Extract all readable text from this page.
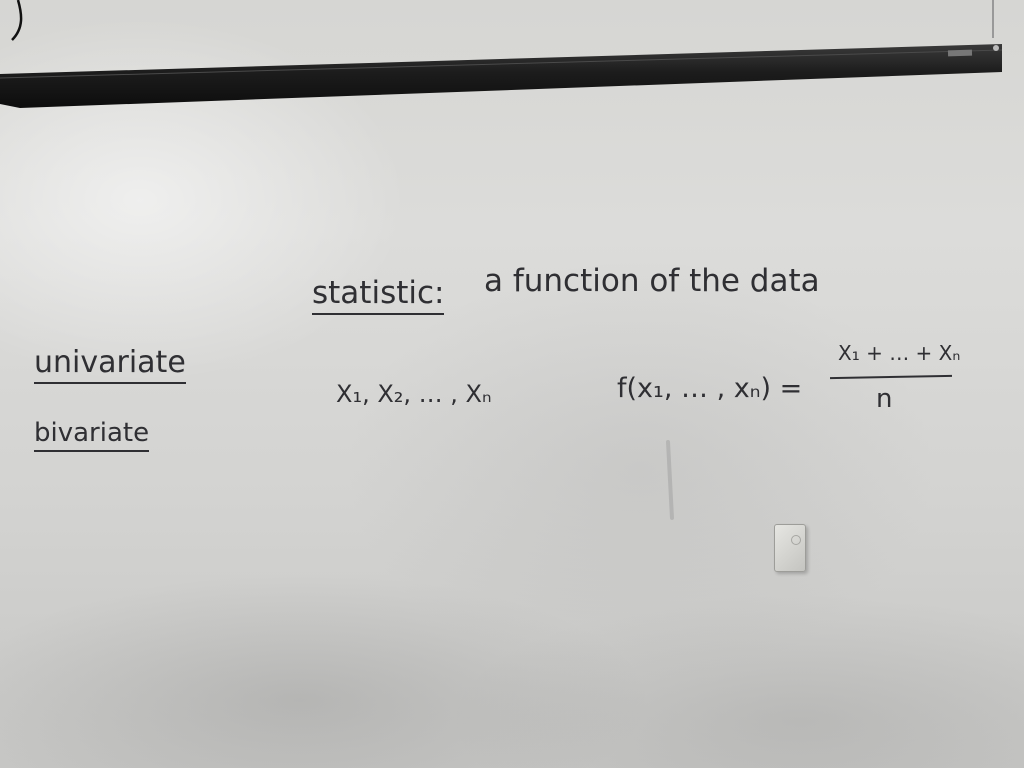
statistic: a function of the data
univariate
bivariate
X₁, X₂, … , Xₙ	f(x₁, … , xₙ) =
X₁ + … + Xₙ
n
